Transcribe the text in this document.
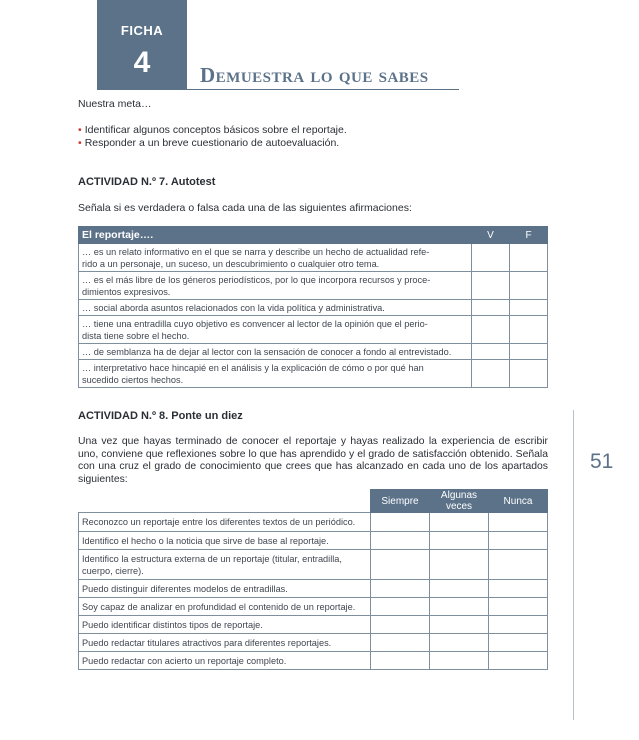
FICHA
4	Demuestra lo que sabes
Nuestra meta…
• Identificar algunos conceptos básicos sobre el reportaje.
• Responder a un breve cuestionario de autoevaluación.
ACTIVIDAD N.º 7. Autotest
Señala si es verdadera o falsa cada una de las siguientes afirmaciones:
El reportaje….	V	F

… es un relato informativo en el que se narra y describe un hecho de actualidad refe-
rido a un personaje, un suceso, un descubrimiento o cualquier otro tema.		

… es el más libre de los géneros periodísticos, por lo que incorpora recursos y proce-
dimientos expresivos.		

… social aborda asuntos relacionados con la vida política y administrativa.		

… tiene una entradilla cuyo objetivo es convencer al lector de la opinión que el perio-
dista tiene sobre el hecho.		

… de semblanza ha de dejar al lector con la sensación de conocer a fondo al entrevistado.		

… interpretativo hace hincapié en el análisis y la explicación de cómo o por qué han
sucedido ciertos hechos.		

ACTIVIDAD N.º 8. Ponte un diez
Una vez que hayas terminado de conocer el reportaje y hayas realizado la experiencia de escribir uno, conviene que reflexiones sobre lo que has aprendido y el grado de satisfacción obtenido. Señala con una cruz el grado de conocimiento que crees que has alcanzado en cada uno de los apartados siguientes:
	Siempre	Algunas veces	Nunca

Reconozco un reportaje entre los diferentes textos de un periódico.			

Identifico el hecho o la noticia que sirve de base al reportaje.			

Identifico la estructura externa de un reportaje (titular, entradilla,
cuerpo, cierre).			

Puedo distinguir diferentes modelos de entradillas.			

Soy capaz de analizar en profundidad el contenido de un reportaje.			

Puedo identificar distintos tipos de reportaje.			

Puedo redactar titulares atractivos para diferentes reportajes.			

Puedo redactar con acierto un reportaje completo.			

51
